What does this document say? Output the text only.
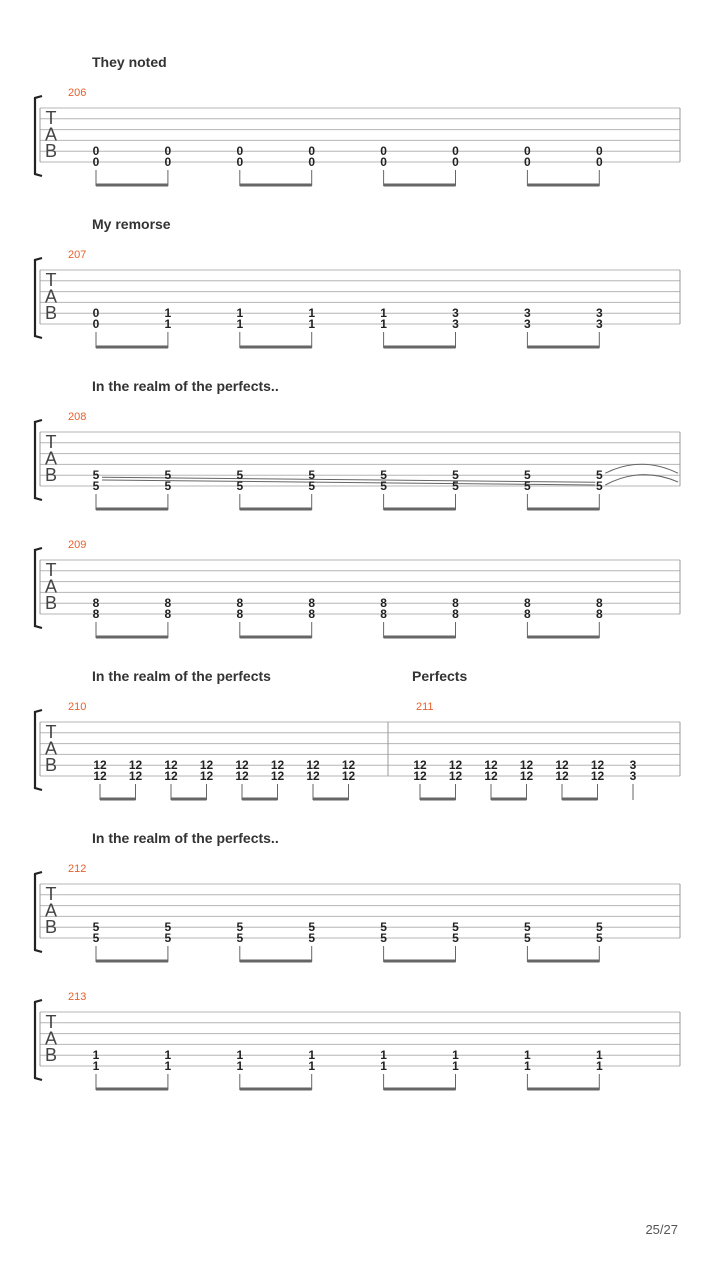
T
A
B
They noted
206
0
0
0
0
0
0
0
0
0
0
0
0
0
0
0
0
T
A
B
My remorse
207
0
0
1
1
1
1
1
1
1
1
3
3
3
3
3
3
T
A
B
In the realm of the perfects..
208
5
5
5
5
5
5
5
5
5
5
5
5
5
5
5
5
T
A
B
209
8
8
8
8
8
8
8
8
8
8
8
8
8
8
8
8
T
A
B
In the realm of the perfects	Perfects
210
12
12
12
12
12
12
12
12
12
12
12
12
12
12
12
12
211
12
12
12
12
12
12
12
12
12
12
12
12
3
3
T
A
B
In the realm of the perfects..
212
5
5
5
5
5
5
5
5
5
5
5
5
5
5
5
5
T
A
B
213
1
1
1
1
1
1
1
1
1
1
1
1
1
1
1
1
25/27
